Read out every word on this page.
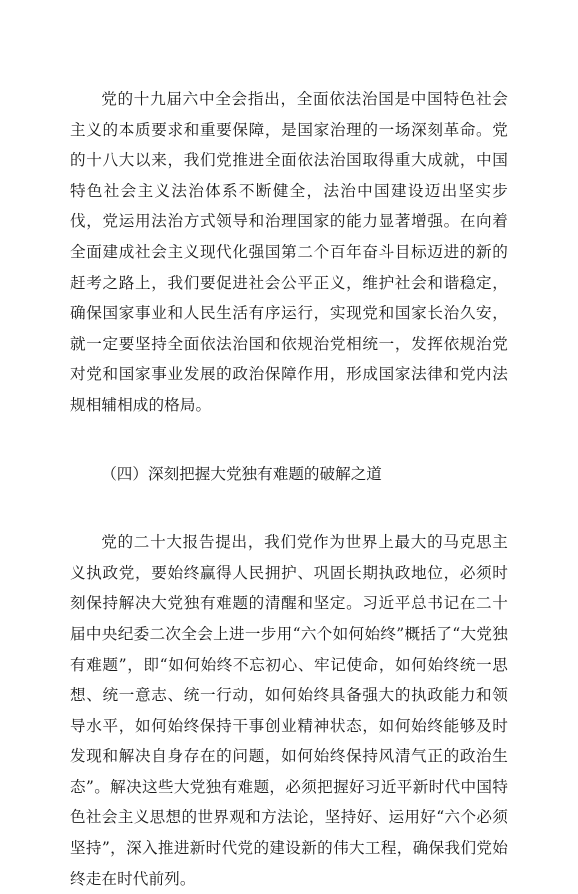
党的十九届六中全会指出，全面依法治国是中国特色社会主义的本质要求和重要保障，是国家治理的一场深刻革命。党的十八大以来，我们党推进全面依法治国取得重大成就，中国特色社会主义法治体系不断健全，法治中国建设迈出坚实步伐，党运用法治方式领导和治理国家的能力显著增强。在向着全面建成社会主义现代化强国第二个百年奋斗目标迈进的新的赶考之路上，我们要促进社会公平正义，维护社会和谐稳定，确保国家事业和人民生活有序运行，实现党和国家长治久安，就一定要坚持全面依法治国和依规治党相统一，发挥依规治党对党和国家事业发展的政治保障作用，形成国家法律和党内法规相辅相成的格局。

（四）深刻把握大党独有难题的破解之道

党的二十大报告提出，我们党作为世界上最大的马克思主义执政党，要始终赢得人民拥护、巩固长期执政地位，必须时刻保持解决大党独有难题的清醒和坚定。习近平总书记在二十届中央纪委二次全会上进一步用“六个如何始终”概括了“大党独有难题”，即“如何始终不忘初心、牢记使命，如何始终统一思想、统一意志、统一行动，如何始终具备强大的执政能力和领导水平，如何始终保持干事创业精神状态，如何始终能够及时发现和解决自身存在的问题，如何始终保持风清气正的政治生态”。解决这些大党独有难题，必须把握好习近平新时代中国特色社会主义思想的世界观和方法论，坚持好、运用好“六个必须坚持”，深入推进新时代党的建设新的伟大工程，确保我们党始终走在时代前列。
